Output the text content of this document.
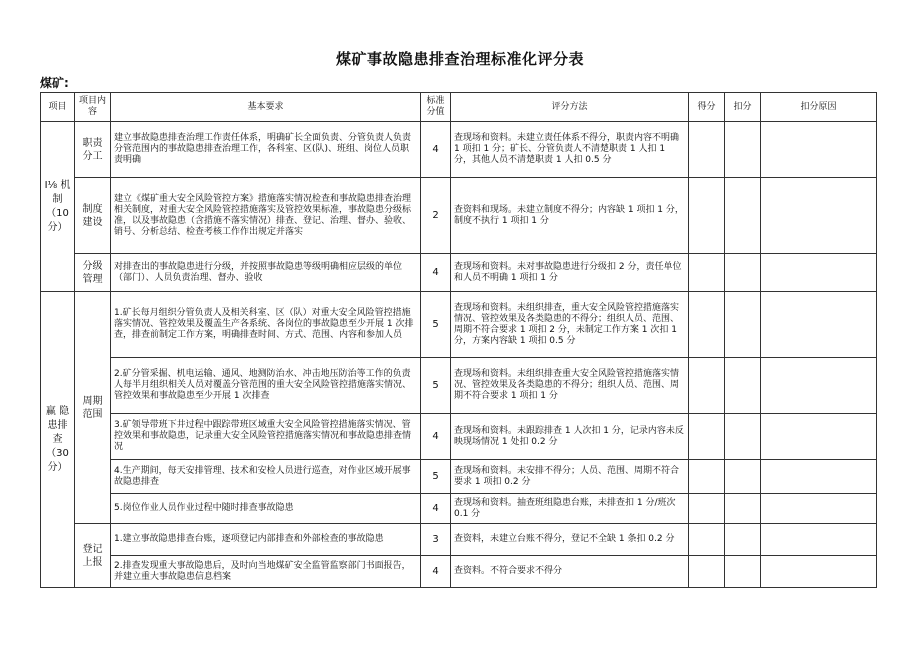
煤矿事故隐患排查治理标准化评分表
煤矿:
项目	项目内容	基本要求	标准分值	评分方法	得分	扣分	扣分原因
I⅛ 机制（10分）	职责分工	建立事故隐患排查治理工作责任体系，明确矿长全面负责、分管负责人负责分管范围内的事故隐患排查治理工作，各科室、区(队)、班组、岗位人员职责明确	4	查现场和资料。未建立责任体系不得分，职责内容不明确 1 项扣 1 分；矿长、分管负责人不清楚职责 1 人扣 1 分，其他人员不清楚职责 1 人扣 0.5 分			
	制度建设	建立《煤矿重大安全风险管控方案》措施落实情况检查和事故隐患排查治理相关制度，对重大安全风险管控措施落实及管控效果标准，事故隐患分级标准，以及事故隐患（含措施不落实情况）排查、登记、治理、督办、验收、销号、分析总结、检查考核工作作出规定并落实	2	查资料和现场。未建立制度不得分；内容缺 1 项扣 1 分，制度不执行 1 项扣 1 分			
	分级管理	对排查出的事故隐患进行分级，并按照事故隐患等级明确相应层级的单位（部门）、人员负责治理、督办、验收	4	查现场和资料。未对事故隐患进行分级扣 2 分，责任单位和人员不明确 1 项扣 1 分			
赢 隐 患排 查（30分）	周期范围	1.矿长每月组织分管负责人及相关科室、区（队）对重大安全风险管控措施落实情况、管控效果及覆盖生产各系统、各岗位的事故隐患至少开展 1 次排查，排查前制定工作方案，明确排查时间、方式、范围、内容和参加人员	5	查现场和资料。未组织排查，重大安全风险管控措施落实情况、管控效果及各类隐患的不得分；组织人员、范围、周期不符合要求 1 项扣 2 分，未制定工作方案 1 次扣 1 分，方案内容缺 1 项扣 0.5 分			
		2.矿分管采掘、机电运输、通风、地测防治水、冲击地压防治等工作的负责人每半月组织相关人员对覆盖分管范围的重大安全风险管控措施落实情况、管控效果和事故隐患至少开展 1 次排查	5	查现场和资料。未组织排查重大安全风险管控措施落实情况、管控效果及各类隐患的不得分；组织人员、范围、周期不符合要求 1 项扣 1 分			
		3.矿领导带班下井过程中跟踪带班区域重大安全风险管控措施落实情况、管控效果和事故隐患，记录重大安全风险管控措施落实情况和事故隐患排查情况	4	查现场和资料。未跟踪排查 1 人次扣 1 分，记录内容未反映现场情况 1 处扣 0.2 分			
		4.生产期间，每天安排管理、技术和安检人员进行巡查，对作业区域开展事故隐患排查	5	查现场和资料。未安排不得分；人员、范围、周期不符合要求 1 项扣 0.2 分			
		5.岗位作业人员作业过程中随时排查事故隐患	4	查现场和资料。抽查班组隐患台账，未排查扣 1 分/班次 0.1 分			
	登记上报	1.建立事故隐患排查台账，逐项登记内部排查和外部检查的事故隐患	3	查资料，未建立台账不得分，登记不全缺 1 条扣 0.2 分			
		2.排查发现重大事故隐患后，及时向当地煤矿安全监管监察部门书面报告，并建立重大事故隐患信息档案	4	查资料。不符合要求不得分			
